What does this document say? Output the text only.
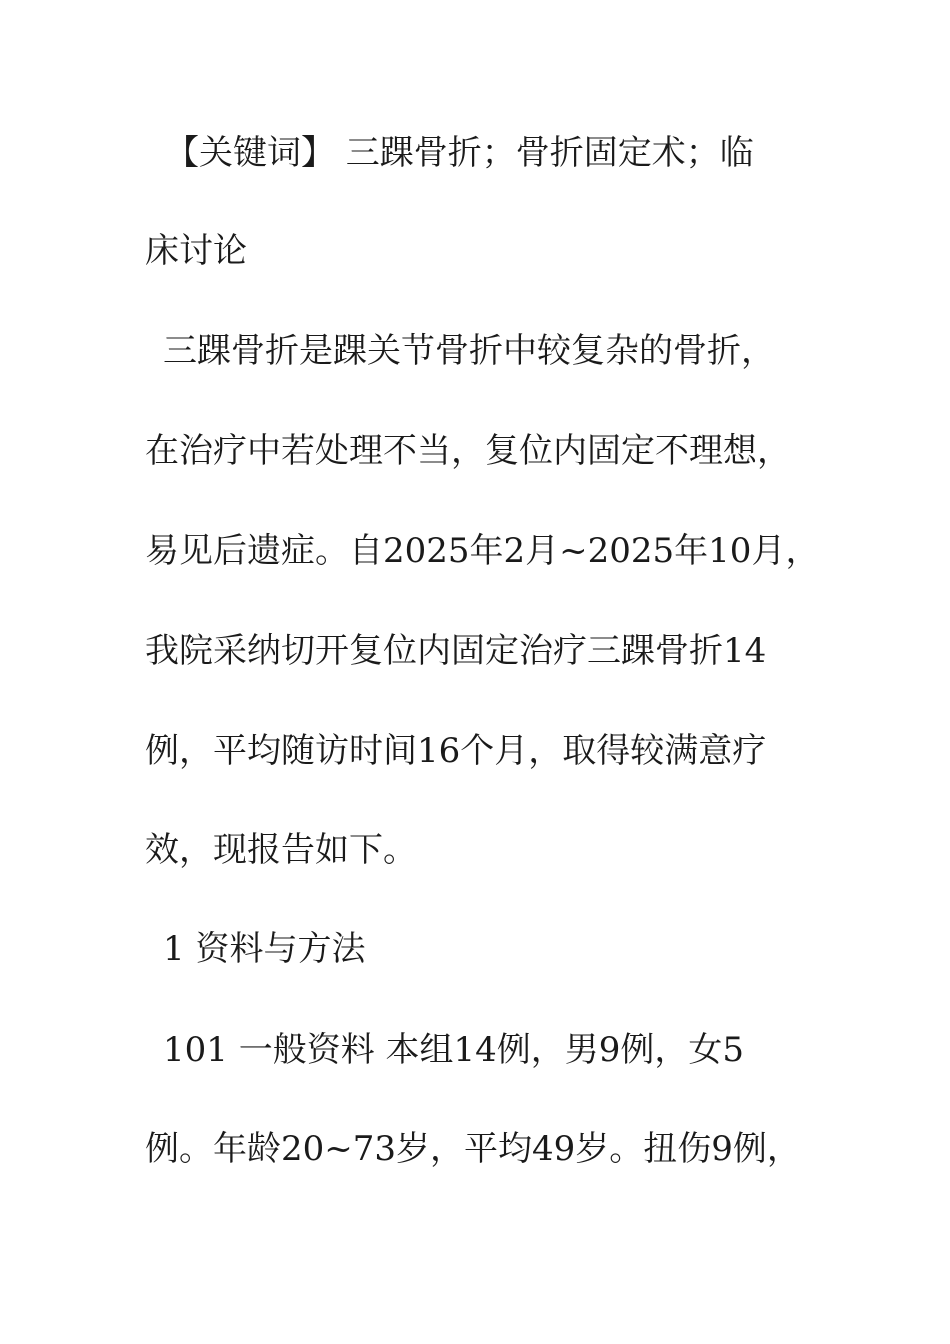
【关键词】 三踝骨折；骨折固定术；临
床讨论
三踝骨折是踝关节骨折中较复杂的骨折，
在治疗中若处理不当，复位内固定不理想，
易见后遗症。自2025年2月~2025年10月，
我院采纳切开复位内固定治疗三踝骨折14
例，平均随访时间16个月，取得较满意疗
效，现报告如下。
1 资料与方法
101 一般资料 本组14例，男9例，女5
例。年龄20~73岁，平均49岁。扭伤9例，
